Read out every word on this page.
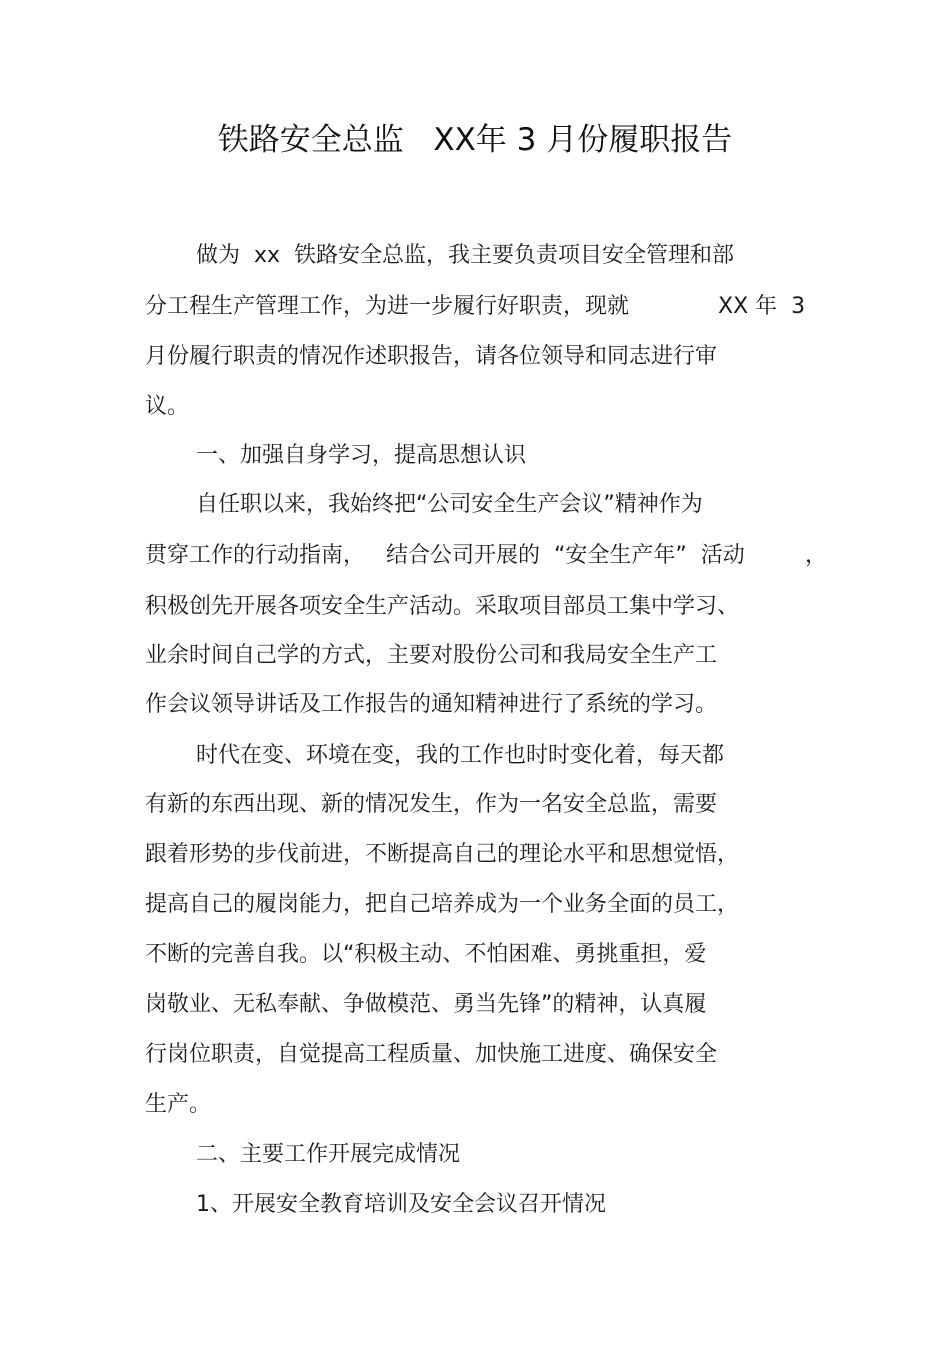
铁路安全总监   XX年 3 月份履职报告
做为  xx  铁路安全总监，我主要负责项目安全管理和部
分工程生产管理工作，为进一步履行好职责，现就	XX 年  3
月份履行职责的情况作述职报告，请各位领导和同志进行审
议。
一、加强自身学习，提高思想认识
自任职以来，我始终把“公司安全生产会议”精神作为
贯穿工作的行动指南，   结合公司开展的  “安全生产年”  活动	，
积极创先开展各项安全生产活动。采取项目部员工集中学习、
业余时间自己学的方式，主要对股份公司和我局安全生产工
作会议领导讲话及工作报告的通知精神进行了系统的学习。
时代在变、环境在变，我的工作也时时变化着，每天都
有新的东西出现、新的情况发生，作为一名安全总监，需要
跟着形势的步伐前进，不断提高自己的理论水平和思想觉悟，
提高自己的履岗能力，把自己培养成为一个业务全面的员工，
不断的完善自我。以“积极主动、不怕困难、勇挑重担，爱
岗敬业、无私奉献、争做模范、勇当先锋”的精神，认真履
行岗位职责，自觉提高工程质量、加快施工进度、确保安全
生产。
二、主要工作开展完成情况
1、开展安全教育培训及安全会议召开情况
